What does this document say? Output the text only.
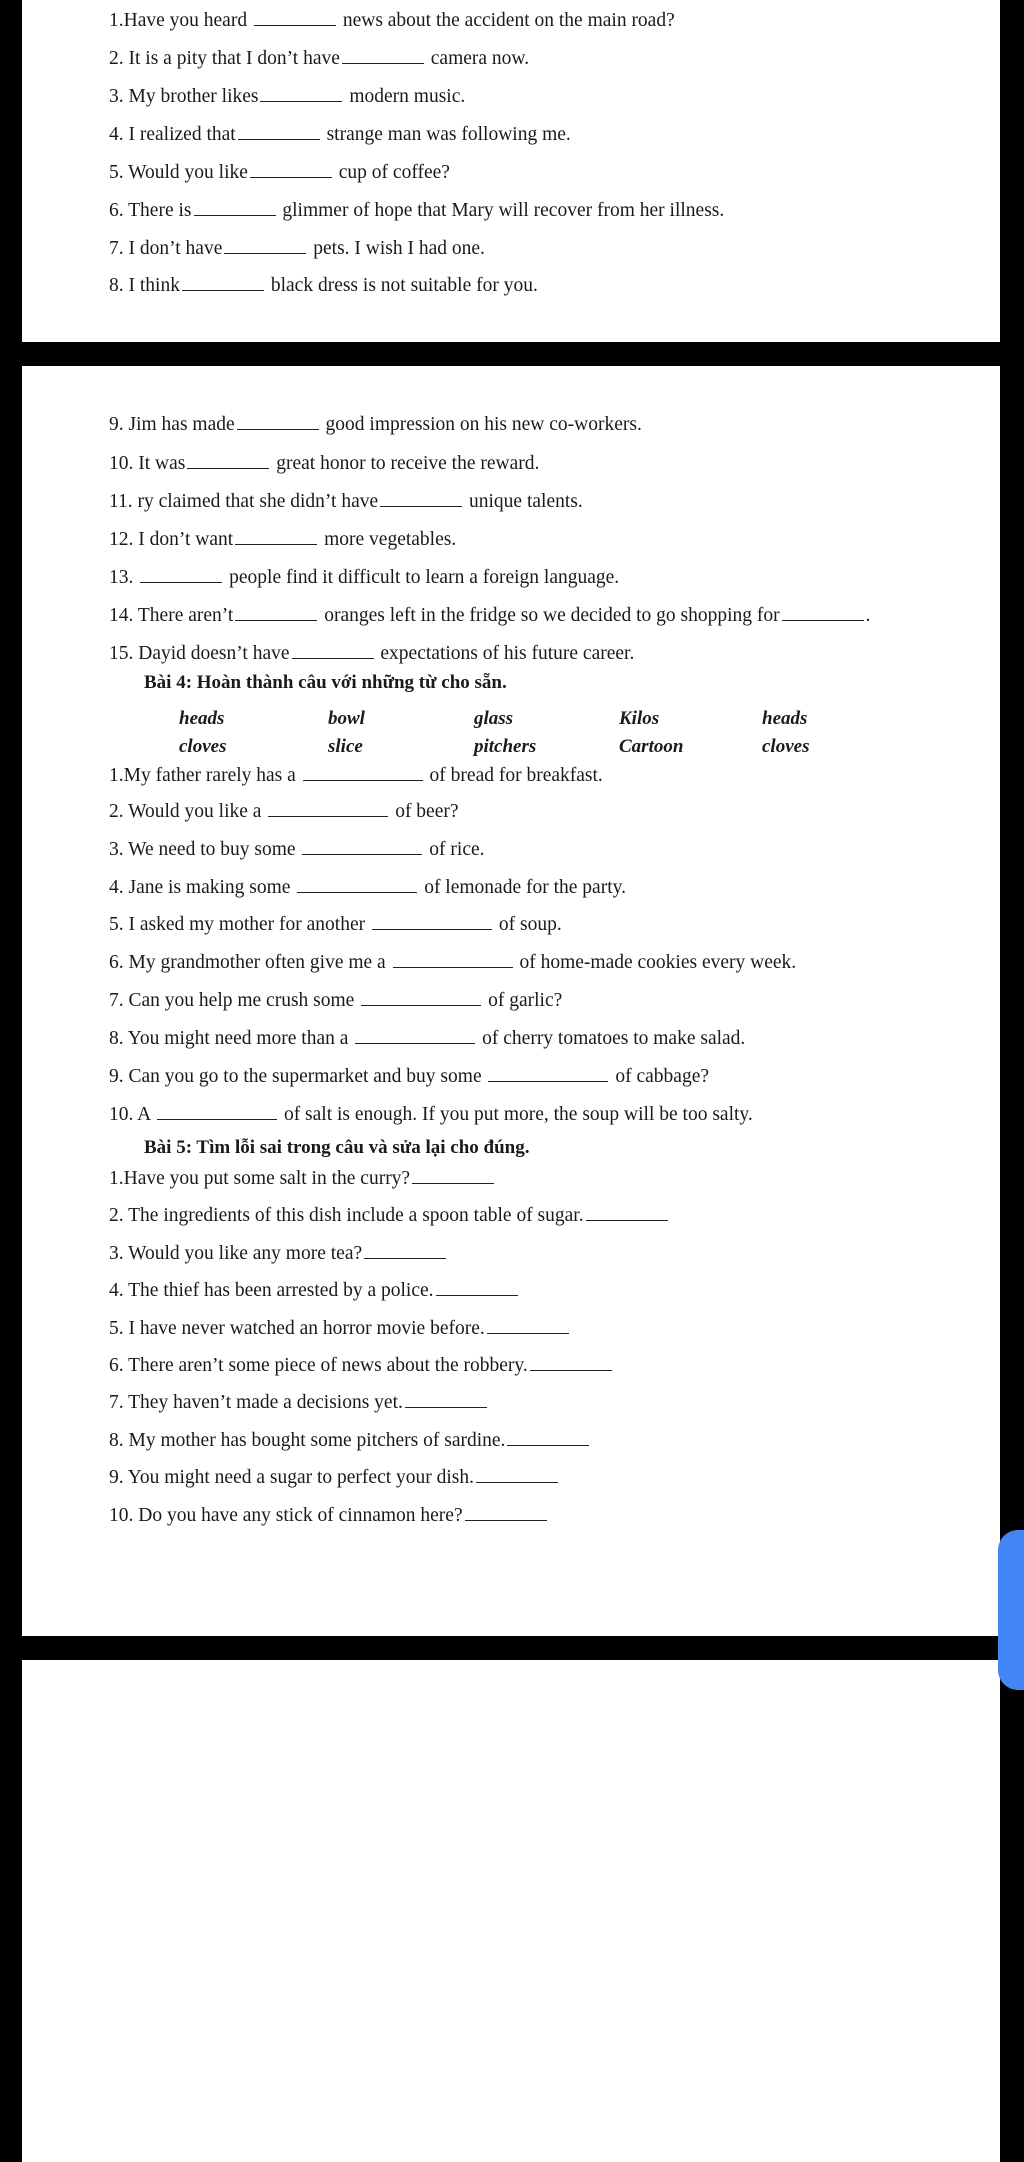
1.Have you heard	news about the accident on the main road?
2. It is a pity that I don’t have	camera now.
3. My brother likes	modern music.
4. I realized that	strange man was following me.
5. Would you like	cup of coffee?
6. There is	glimmer of hope that Mary will recover from her illness.
7. I don’t have	pets. I wish I had one.
8. I think	black dress is not suitable for you.
9. Jim has made	good impression on his new co-workers.
10. It was	great honor to receive the reward.
11. ry claimed that she didn’t have	unique talents.
12. I don’t want	more vegetables.
13.	people find it difficult to learn a foreign language.
14. There aren’t	oranges left in the fridge so we decided to go shopping for	.
15. Dayid doesn’t have	expectations of his future career.
Bài 4: Hoàn thành câu với những từ cho sẵn.
heads	bowl	glass	Kilos	heads
cloves	slice	pitchers	Cartoon	cloves
1.My father rarely has a	of bread for breakfast.
2. Would you like a	of beer?
3. We need to buy some	of rice.
4. Jane is making some	of lemonade for the party.
5. I asked my mother for another	of soup.
6. My grandmother often give me a	of home-made cookies every week.
7. Can you help me crush some	of garlic?
8. You might need more than a	of cherry tomatoes to make salad.
9. Can you go to the supermarket and buy some	of cabbage?
10. A	of salt is enough. If you put more, the soup will be too salty.
Bài 5: Tìm lỗi sai trong câu và sửa lại cho đúng.
1.Have you put some salt in the curry?
2. The ingredients of this dish include a spoon table of sugar.
3. Would you like any more tea?
4. The thief has been arrested by a police.
5. I have never watched an horror movie before.
6. There aren’t some piece of news about the robbery.
7. They haven’t made a decisions yet.
8. My mother has bought some pitchers of sardine.
9. You might need a sugar to perfect your dish.
10. Do you have any stick of cinnamon here?
